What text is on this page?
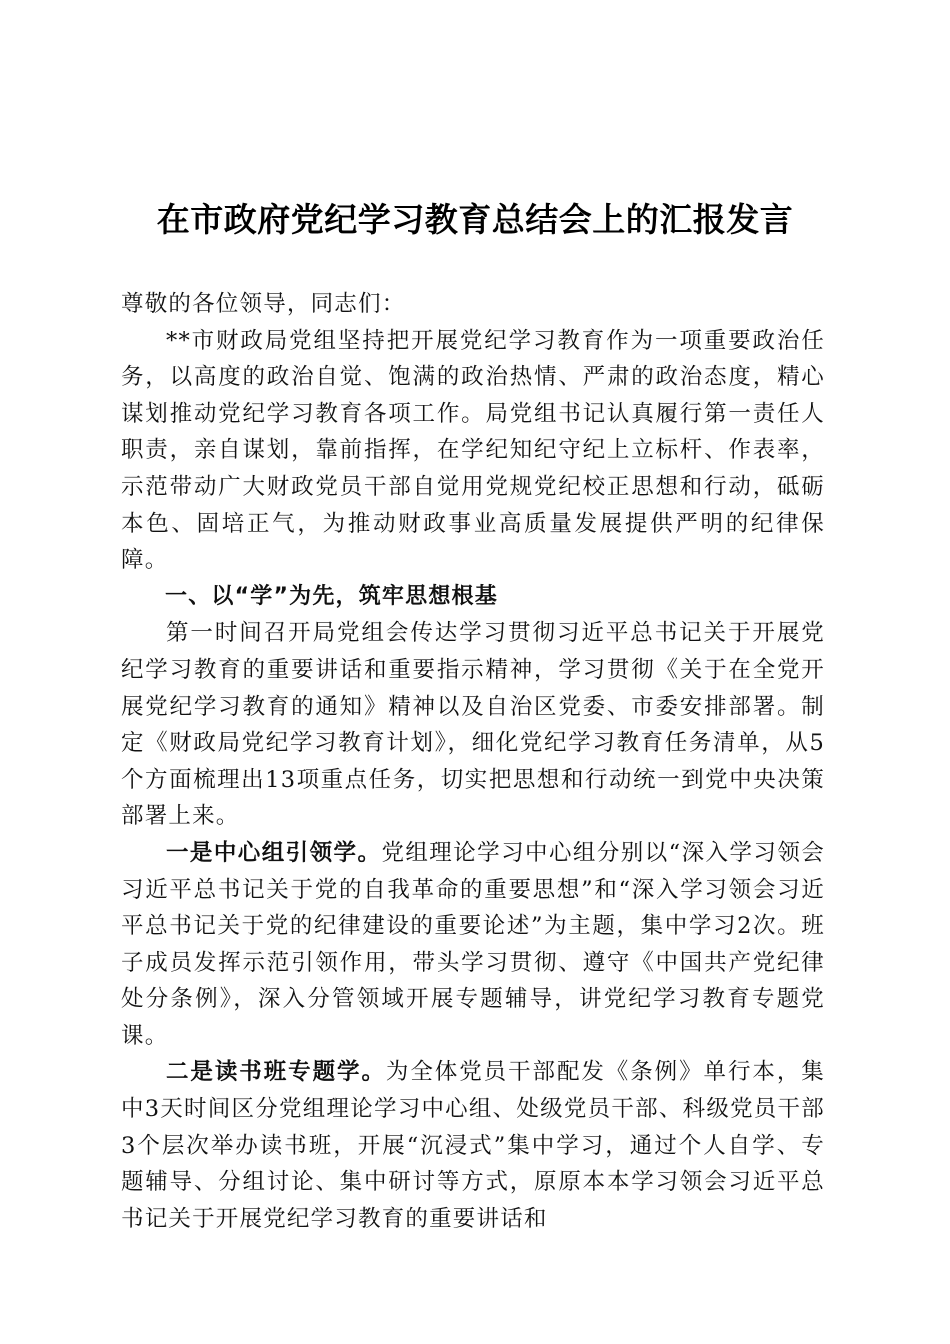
在市政府党纪学习教育总结会上的汇报发言

尊敬的各位领导，同志们：

**市财政局党组坚持把开展党纪学习教育作为一项重要政治任务，以高度的政治自觉、饱满的政治热情、严肃的政治态度，精心谋划推动党纪学习教育各项工作。局党组书记认真履行第一责任人职责，亲自谋划，靠前指挥，在学纪知纪守纪上立标杆、作表率，示范带动广大财政党员干部自觉用党规党纪校正思想和行动，砥砺本色、固培正气，为推动财政事业高质量发展提供严明的纪律保障。

一、以“学”为先，筑牢思想根基

第一时间召开局党组会传达学习贯彻习近平总书记关于开展党纪学习教育的重要讲话和重要指示精神，学习贯彻《关于在全党开展党纪学习教育的通知》精神以及自治区党委、市委安排部署。制定《财政局党纪学习教育计划》，细化党纪学习教育任务清单，从5个方面梳理出13项重点任务，切实把思想和行动统一到党中央决策部署上来。

一是中心组引领学。党组理论学习中心组分别以“深入学习领会习近平总书记关于党的自我革命的重要思想”和“深入学习领会习近平总书记关于党的纪律建设的重要论述”为主题，集中学习2次。班子成员发挥示范引领作用，带头学习贯彻、遵守《中国共产党纪律处分条例》，深入分管领域开展专题辅导，讲党纪学习教育专题党课。

二是读书班专题学。为全体党员干部配发《条例》单行本，集中3天时间区分党组理论学习中心组、处级党员干部、科级党员干部3个层次举办读书班，开展“沉浸式”集中学习，通过个人自学、专题辅导、分组讨论、集中研讨等方式，原原本本学习领会习近平总书记关于开展党纪学习教育的重要讲话和
